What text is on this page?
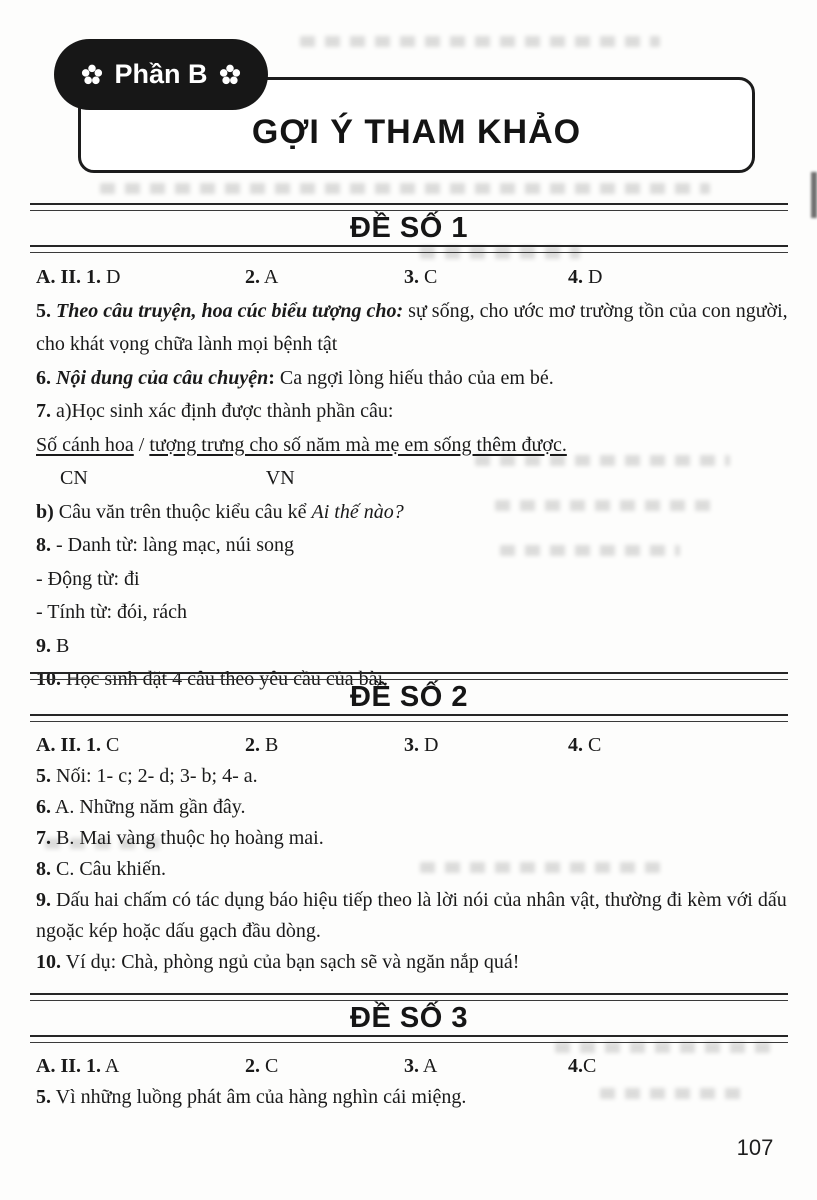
Phần B
GỢI Ý THAM KHẢO
ĐỀ SỐ 1
A. II. 1. D	2. A	3. C	4. D
5. Theo câu truyện, hoa cúc biểu tượng cho: sự sống, cho ước mơ trường tồn của con người, cho khát vọng chữa lành mọi bệnh tật
6. Nội dung của câu chuyện: Ca ngợi lòng hiếu thảo của em bé.
7. a)Học sinh xác định được thành phần câu:
Số cánh hoa / tượng trưng cho số năm mà mẹ em sống thêm được.
CN	VN
b) Câu văn trên thuộc kiểu câu kể Ai thế nào?
8. - Danh từ: làng mạc, núi song
- Động từ: đi
- Tính từ: đói, rách
9. B
10. Học sinh đặt 4 câu theo yêu cầu của bài.
ĐỀ SỐ 2
A. II. 1. C	2. B	3. D	4. C
5. Nối: 1- c; 2- d; 3- b; 4- a.
6. A. Những năm gần đây.
7. B. Mai vàng thuộc họ hoàng mai.
8. C. Câu khiến.
9. Dấu hai chấm có tác dụng báo hiệu tiếp theo là lời nói của nhân vật, thường đi kèm với dấu ngoặc kép hoặc dấu gạch đầu dòng.
10. Ví dụ: Chà, phòng ngủ của bạn sạch sẽ và ngăn nắp quá!
ĐỀ SỐ 3
A. II. 1. A	2. C	3. A	4.C
5. Vì những luồng phát âm của hàng nghìn cái miệng.
107
